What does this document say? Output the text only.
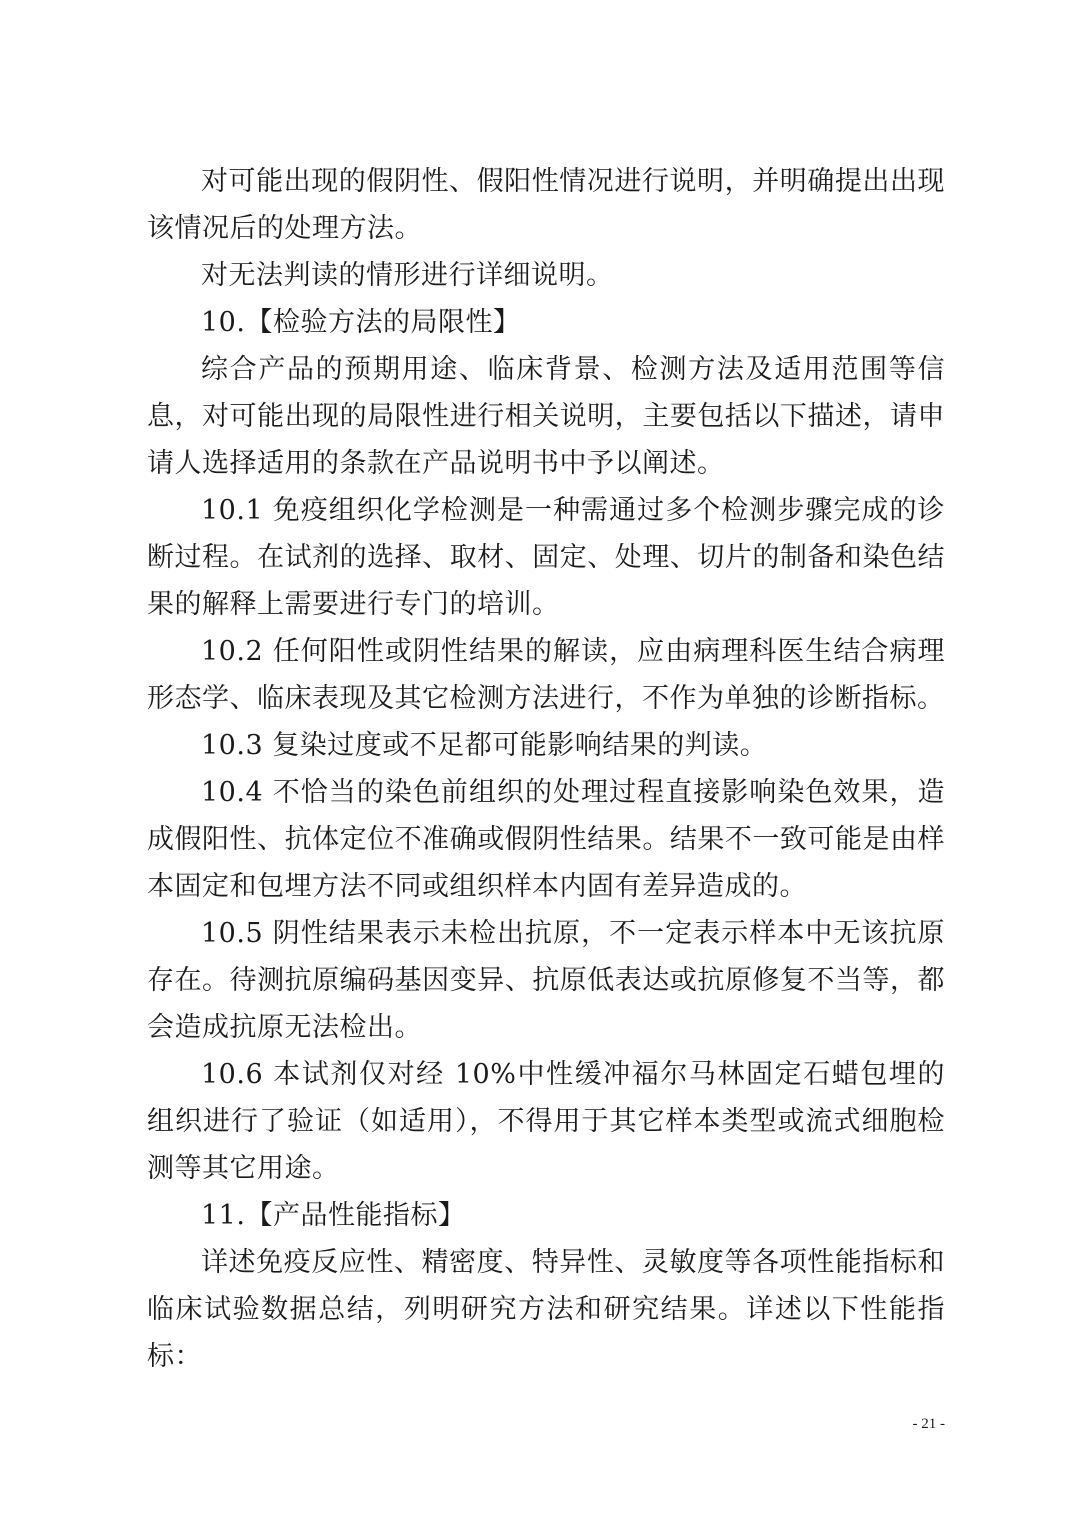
对可能出现的假阴性、假阳性情况进行说明，并明确提出出现该情况后的处理方法。

对无法判读的情形进行详细说明。

10.【检验方法的局限性】

综合产品的预期用途、临床背景、检测方法及适用范围等信息，对可能出现的局限性进行相关说明，主要包括以下描述，请申请人选择适用的条款在产品说明书中予以阐述。

10.1 免疫组织化学检测是一种需通过多个检测步骤完成的诊断过程。在试剂的选择、取材、固定、处理、切片的制备和染色结果的解释上需要进行专门的培训。

10.2 任何阳性或阴性结果的解读，应由病理科医生结合病理形态学、临床表现及其它检测方法进行，不作为单独的诊断指标。

10.3 复染过度或不足都可能影响结果的判读。

10.4 不恰当的染色前组织的处理过程直接影响染色效果，造成假阳性、抗体定位不准确或假阴性结果。结果不一致可能是由样本固定和包埋方法不同或组织样本内固有差异造成的。

10.5 阴性结果表示未检出抗原，不一定表示样本中无该抗原存在。待测抗原编码基因变异、抗原低表达或抗原修复不当等，都会造成抗原无法检出。

10.6 本试剂仅对经 10%中性缓冲福尔马林固定石蜡包埋的组织进行了验证（如适用），不得用于其它样本类型或流式细胞检测等其它用途。

11.【产品性能指标】

详述免疫反应性、精密度、特异性、灵敏度等各项性能指标和临床试验数据总结，列明研究方法和研究结果。详述以下性能指标：

- 21 -
